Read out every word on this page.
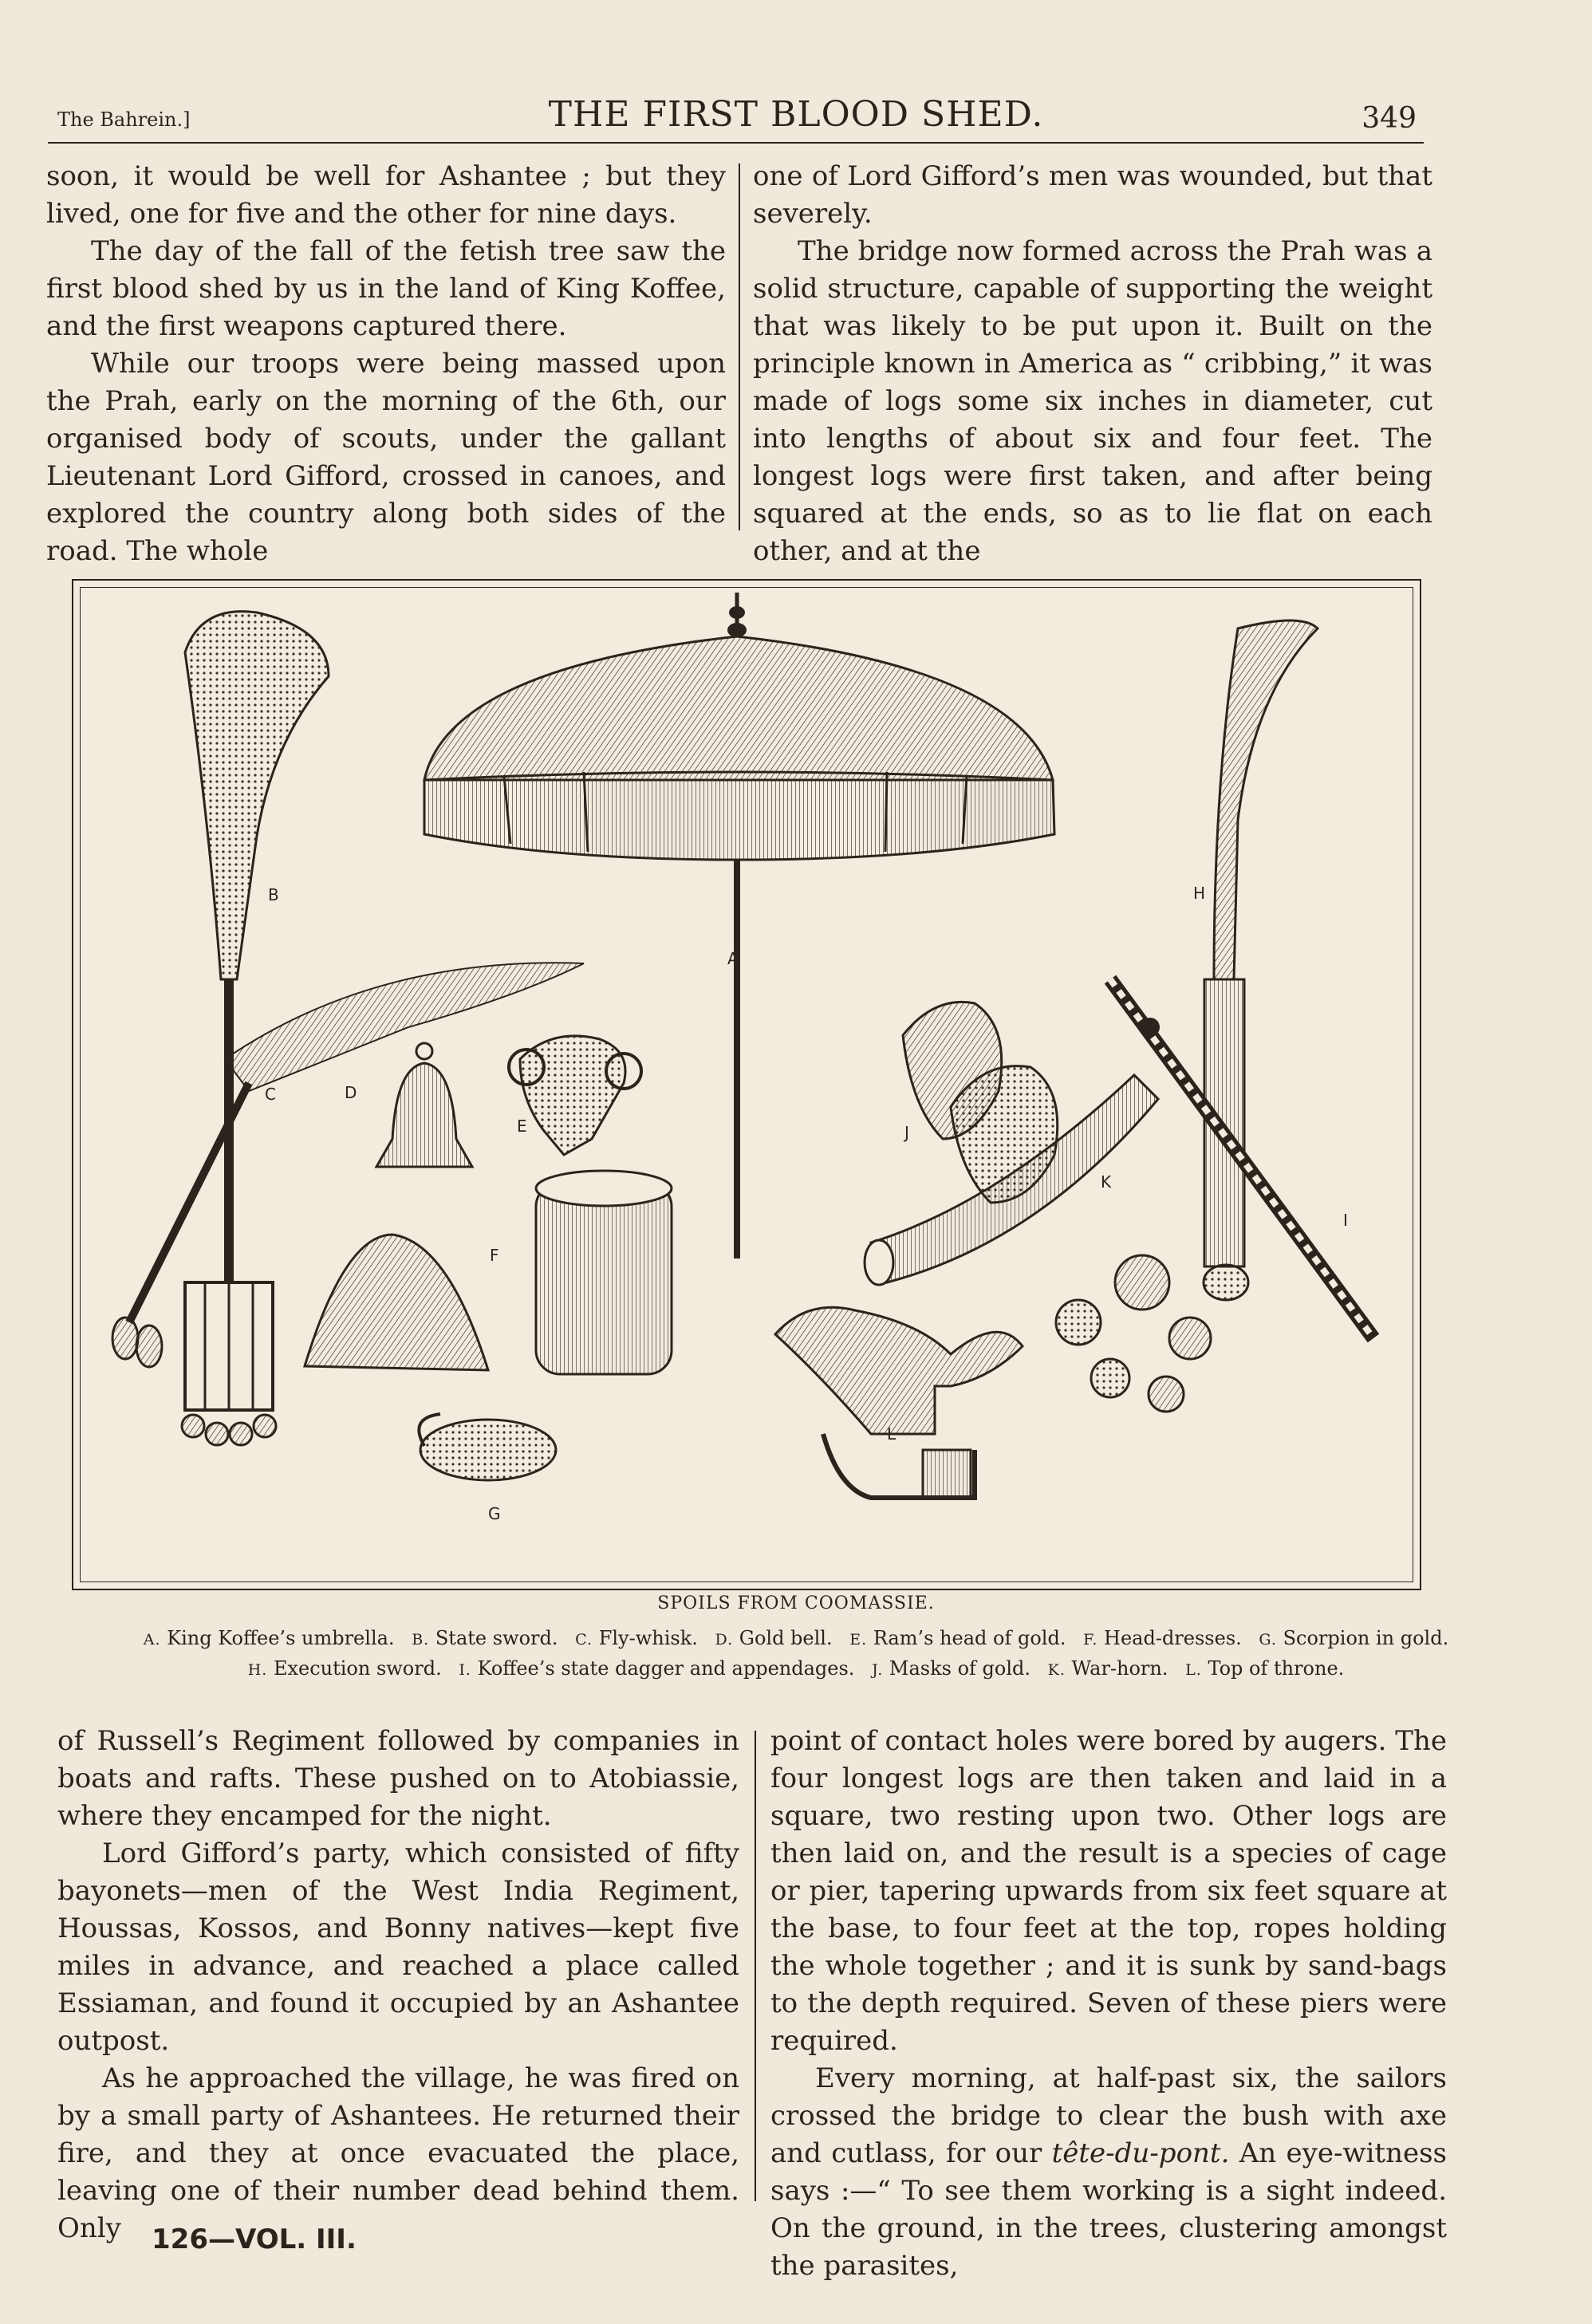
The Bahrein.]	THE FIRST BLOOD SHED.	349

soon, it would be well for Ashantee ; but they lived, one for five and the other for nine days.

The day of the fall of the fetish tree saw the first blood shed by us in the land of King Koffee, and the first weapons captured there.

While our troops were being massed upon the Prah, early on the morning of the 6th, our organised body of scouts, under the gallant Lieutenant Lord Gifford, crossed in canoes, and explored the country along both sides of the road. The whole

one of Lord Gifford’s men was wounded, but that severely.

The bridge now formed across the Prah was a solid structure, capable of supporting the weight that was likely to be put upon it. Built on the principle known in America as “ cribbing,” it was made of logs some six inches in diameter, cut into lengths of about six and four feet. The longest logs were first taken, and after being squared at the ends, so as to lie flat on each other, and at the

A
B
C	D
E
F
G
H
I
J
K
L
SPOILS FROM COOMASSIE.
A. King Koffee’s umbrella. B. State sword. C. Fly-whisk. D. Gold bell. E. Ram’s head of gold. F. Head-dresses. G. Scorpion in gold.
H. Execution sword. I. Koffee’s state dagger and appendages. J. Masks of gold. K. War-horn. L. Top of throne.

of Russell’s Regiment followed by companies in boats and rafts. These pushed on to Atobiassie, where they encamped for the night.

Lord Gifford’s party, which consisted of fifty bayonets—men of the West India Regiment, Houssas, Kossos, and Bonny natives—kept five miles in advance, and reached a place called Essiaman, and found it occupied by an Ashantee outpost.

As he approached the village, he was fired on by a small party of Ashantees. He returned their fire, and they at once evacuated the place, leaving one of their number dead behind them. Only

point of contact holes were bored by augers. The four longest logs are then taken and laid in a square, two resting upon two. Other logs are then laid on, and the result is a species of cage or pier, tapering upwards from six feet square at the base, to four feet at the top, ropes holding the whole together ; and it is sunk by sand-bags to the depth required. Seven of these piers were required.

Every morning, at half-past six, the sailors crossed the bridge to clear the bush with axe and cutlass, for our tête-du-pont. An eye-witness says :—“ To see them working is a sight indeed. On the ground, in the trees, clustering amongst the parasites,

126—VOL. III.
